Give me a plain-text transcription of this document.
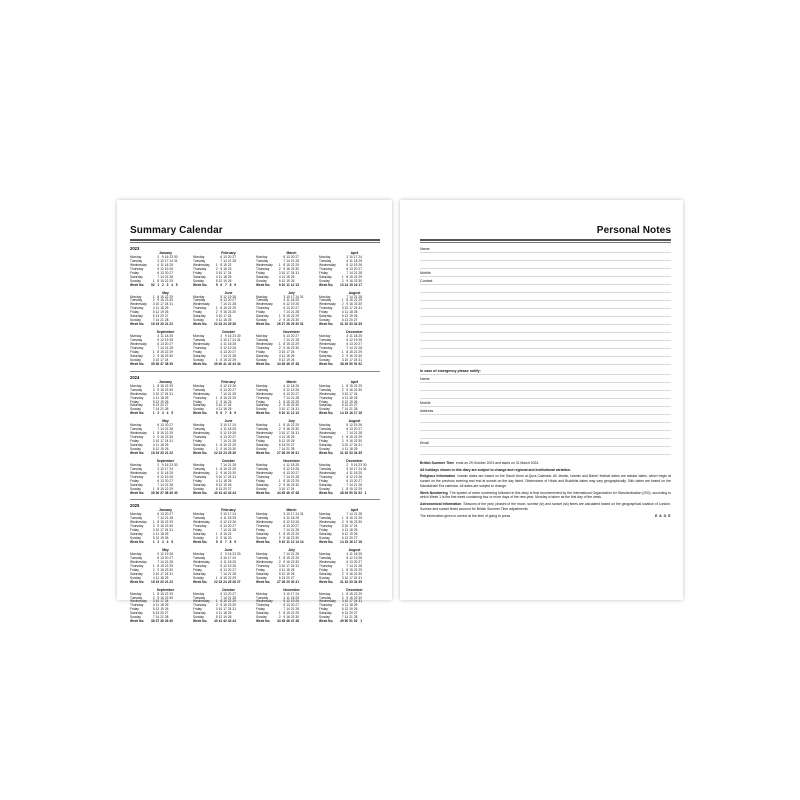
Summary Calendar
2023
January
Monday	2 9 16 23 30
Tuesday	3 10 17 24 31
Wednesday	4 11 18 25
Thursday	5 12 19 26
Friday	6 13 20 27
Saturday	7 14 21 28
Sunday	1 8 15 22 29
Week No.	52 1 2 3 4 5
February
Monday	6 13 20 27
Tuesday	7 14 21 28
Wednesday	1 8 15 22
Thursday	2 9 16 23
Friday	3 10 17 24
Saturday	4 11 18 25
Sunday	5 12 19 26
Week No.	5 6 7 8 9
March
Monday	6 13 20 27
Tuesday	7 14 21 28
Wednesday	1 8 15 22 29
Thursday	2 9 16 23 30
Friday	3 10 17 24 31
Saturday	4 11 18 25
Sunday	5 12 19 26
Week No.	9 10 11 12 13
April
Monday	3 10 17 24
Tuesday	4 11 18 25
Wednesday	5 12 19 26
Thursday	6 13 20 27
Friday	7 14 21 28
Saturday	1 8 15 22 29
Sunday	2 9 16 23 30
Week No.	13 14 15 16 17
May
Monday	1 8 15 22 29
Tuesday	2 9 16 23 30
Wednesday	3 10 17 24 31
Thursday	4 11 18 25
Friday	5 12 19 26
Saturday	6 13 20 27
Sunday	7 14 21 28
Week No.	18 19 20 21 22
June
Monday	5 12 19 26
Tuesday	6 13 20 27
Wednesday	7 14 21 28
Thursday	1 8 15 22 29
Friday	2 9 16 23 30
Saturday	3 10 17 24
Sunday	4 11 18 25
Week No.	22 23 24 25 26
July
Monday	3 10 17 24 31
Tuesday	4 11 18 25
Wednesday	5 12 19 26
Thursday	6 13 20 27
Friday	7 14 21 28
Saturday	1 8 15 22 29
Sunday	2 9 16 23 30
Week No.	26 27 28 29 30 31
August
Monday	7 14 21 28
Tuesday	1 8 15 22 29
Wednesday	2 9 16 23 30
Thursday	3 10 17 24 31
Friday	4 11 18 25
Saturday	5 12 19 26
Sunday	6 13 20 27
Week No.	31 32 33 34 35
September
Monday	4 11 18 25
Tuesday	5 12 19 26
Wednesday	6 13 20 27
Thursday	7 14 21 28
Friday	1 8 15 22 29
Saturday	2 9 16 23 30
Sunday	3 10 17 24
Week No.	35 36 37 38 39
October
Monday	2 9 16 23 30
Tuesday	3 10 17 24 31
Wednesday	4 11 18 25
Thursday	5 12 19 26
Friday	6 13 20 27
Saturday	7 14 21 28
Sunday	1 8 15 22 29
Week No.	39 40 41 42 43 44
November
Monday	6 13 20 27
Tuesday	7 14 21 28
Wednesday	1 8 15 22 29
Thursday	2 9 16 23 30
Friday	3 10 17 24
Saturday	4 11 18 25
Sunday	5 12 19 26
Week No.	44 45 46 47 48
December
Monday	4 11 18 25
Tuesday	5 12 19 26
Wednesday	6 13 20 27
Thursday	7 14 21 28
Friday	1 8 15 22 29
Saturday	2 9 16 23 30
Sunday	3 10 17 24 31
Week No.	48 49 50 51 52
2024
January
Monday	1 8 15 22 29
Tuesday	2 9 16 23 30
Wednesday	3 10 17 24 31
Thursday	4 11 18 25
Friday	5 12 19 26
Saturday	6 13 20 27
Sunday	7 14 21 28
Week No.	1 2 3 4 5
February
Monday	5 12 19 26
Tuesday	6 13 20 27
Wednesday	7 14 21 28
Thursday	1 8 15 22 29
Friday	2 9 16 23
Saturday	3 10 17 24
Sunday	4 11 18 25
Week No.	5 6 7 8 9
March
Monday	4 11 18 25
Tuesday	5 12 19 26
Wednesday	6 13 20 27
Thursday	7 14 21 28
Friday	1 8 15 22 29
Saturday	2 9 16 23 30
Sunday	3 10 17 24 31
Week No.	9 10 11 12 13
April
Monday	1 8 15 22 29
Tuesday	2 9 16 23 30
Wednesday	3 10 17 24
Thursday	4 11 18 25
Friday	5 12 19 26
Saturday	6 13 20 27
Sunday	7 14 21 28
Week No.	14 15 16 17 18
May
Monday	6 13 20 27
Tuesday	7 14 21 28
Wednesday	1 8 15 22 29
Thursday	2 9 16 23 30
Friday	3 10 17 24 31
Saturday	4 11 18 25
Sunday	5 12 19 26
Week No.	18 19 20 21 22
June
Monday	3 10 17 24
Tuesday	4 11 18 25
Wednesday	5 12 19 26
Thursday	6 13 20 27
Friday	7 14 21 28
Saturday	1 8 15 22 29
Sunday	2 9 16 23 30
Week No.	22 23 24 25 26
July
Monday	1 8 15 22 29
Tuesday	2 9 16 23 30
Wednesday	3 10 17 24 31
Thursday	4 11 18 25
Friday	5 12 19 26
Saturday	6 13 20 27
Sunday	7 14 21 28
Week No.	27 28 29 30 31
August
Monday	5 12 19 26
Tuesday	6 13 20 27
Wednesday	7 14 21 28
Thursday	1 8 15 22 29
Friday	2 9 16 23 30
Saturday	3 10 17 24 31
Sunday	4 11 18 25
Week No.	31 32 33 34 35
September
Monday	2 9 16 23 30
Tuesday	3 10 17 24
Wednesday	4 11 18 25
Thursday	5 12 19 26
Friday	6 13 20 27
Saturday	7 14 21 28
Sunday	1 8 15 22 29
Week No.	35 36 37 38 39 40
October
Monday	7 14 21 28
Tuesday	1 8 15 22 29
Wednesday	2 9 16 23 30
Thursday	3 10 17 24 31
Friday	4 11 18 25
Saturday	5 12 19 26
Sunday	6 13 20 27
Week No.	40 41 42 43 44
November
Monday	4 11 18 25
Tuesday	5 12 19 26
Wednesday	6 13 20 27
Thursday	7 14 21 28
Friday	1 8 15 22 29
Saturday	2 9 16 23 30
Sunday	3 10 17 24
Week No.	44 45 46 47 48
December
Monday	2 9 16 23 30
Tuesday	3 10 17 24 31
Wednesday	4 11 18 25
Thursday	5 12 19 26
Friday	6 13 20 27
Saturday	7 14 21 28
Sunday	1 8 15 22 29
Week No.	48 49 50 51 52 1
2025
January
Monday	6 13 20 27
Tuesday	7 14 21 28
Wednesday	1 8 15 22 29
Thursday	2 9 16 23 30
Friday	3 10 17 24 31
Saturday	4 11 18 25
Sunday	5 12 19 26
Week No.	1 2 3 4 5
February
Monday	3 10 17 24
Tuesday	4 11 18 25
Wednesday	5 12 19 26
Thursday	6 13 20 27
Friday	7 14 21 28
Saturday	1 8 15 22
Sunday	2 9 16 23
Week No.	5 6 7 8 9
March
Monday	3 10 17 24 31
Tuesday	4 11 18 25
Wednesday	5 12 19 26
Thursday	6 13 20 27
Friday	7 14 21 28
Saturday	1 8 15 22 29
Sunday	2 9 16 23 30
Week No.	9 10 11 12 13 14
April
Monday	7 14 21 28
Tuesday	1 8 15 22 29
Wednesday	2 9 16 23 30
Thursday	3 10 17 24
Friday	4 11 18 25
Saturday	5 12 19 26
Sunday	6 13 20 27
Week No.	14 15 16 17 18
May
Monday	5 12 19 26
Tuesday	6 13 20 27
Wednesday	7 14 21 28
Thursday	1 8 15 22 29
Friday	2 9 16 23 30
Saturday	3 10 17 24 31
Sunday	4 11 18 25
Week No.	18 19 20 21 22
June
Monday	2 9 16 23 30
Tuesday	3 10 17 24
Wednesday	4 11 18 25
Thursday	5 12 19 26
Friday	6 13 20 27
Saturday	7 14 21 28
Sunday	1 8 15 22 29
Week No.	22 23 24 25 26 27
July
Monday	7 14 21 28
Tuesday	1 8 15 22 29
Wednesday	2 9 16 23 30
Thursday	3 10 17 24 31
Friday	4 11 18 25
Saturday	5 12 19 26
Sunday	6 13 20 27
Week No.	27 28 29 30 31
August
Monday	4 11 18 25
Tuesday	5 12 19 26
Wednesday	6 13 20 27
Thursday	7 14 21 28
Friday	1 8 15 22 29
Saturday	2 9 16 23 30
Sunday	3 10 17 24 31
Week No.	31 32 33 34 35
September
Monday	1 8 15 22 29
Tuesday	2 9 16 23 30
Wednesday	3 10 17 24
Thursday	4 11 18 25
Friday	5 12 19 26
Saturday	6 13 20 27
Sunday	7 14 21 28
Week No.	36 37 38 39 40
October
Monday	6 13 20 27
Tuesday	7 14 21 28
Wednesday	1 8 15 22 29
Thursday	2 9 16 23 30
Friday	3 10 17 24 31
Saturday	4 11 18 25
Sunday	5 12 19 26
Week No.	40 41 42 43 44
November
Monday	3 10 17 24
Tuesday	4 11 18 25
Wednesday	5 12 19 26
Thursday	6 13 20 27
Friday	7 14 21 28
Saturday	1 8 15 22 29
Sunday	2 9 16 23 30
Week No.	44 45 46 47 48
December
Monday	1 8 15 22 29
Tuesday	2 9 16 23 30
Wednesday	3 10 17 24 31
Thursday	4 11 18 25
Friday	5 12 19 26
Saturday	6 13 20 27
Sunday	7 14 21 28
Week No.	49 50 51 52 1
Personal Notes
Name
Mobile
Contact
In case of emergency please notify:
Name
Mobile
Address
Email

British Summer Time ends on 29 October 2023 and starts on 31 March 2024.

All holidays shown in this diary are subject to change and regional and institutional variation.

Religious Information Islamic dates are based on the Saudi Umm al-Qura Calendar. All Jewish, Islamic and Bahá'í festival dates are tabular dates, which begin at sunset on the previous evening and end at sunset on the day listed. Observance of Hindu and Buddhist dates may vary geographically. Sikh dates are based on the Nanakshahi Era calendar. All dates are subject to change.

Week Numbering The system of week numbering followed in this diary is that recommended by the International Organization for Standardization (ISO), according to which Week 1 is the first week containing four or more days of the new year. Monday is taken as the first day of the week.

Astronomical Information Seasons of the year, phases of the moon, sunrise (sr) and sunset (ss) times are calculated based on the geographical location of London. Sunrise and sunset times account for British Summer Time adjustments.

The information given is correct at the time of going to press.	E & O E
